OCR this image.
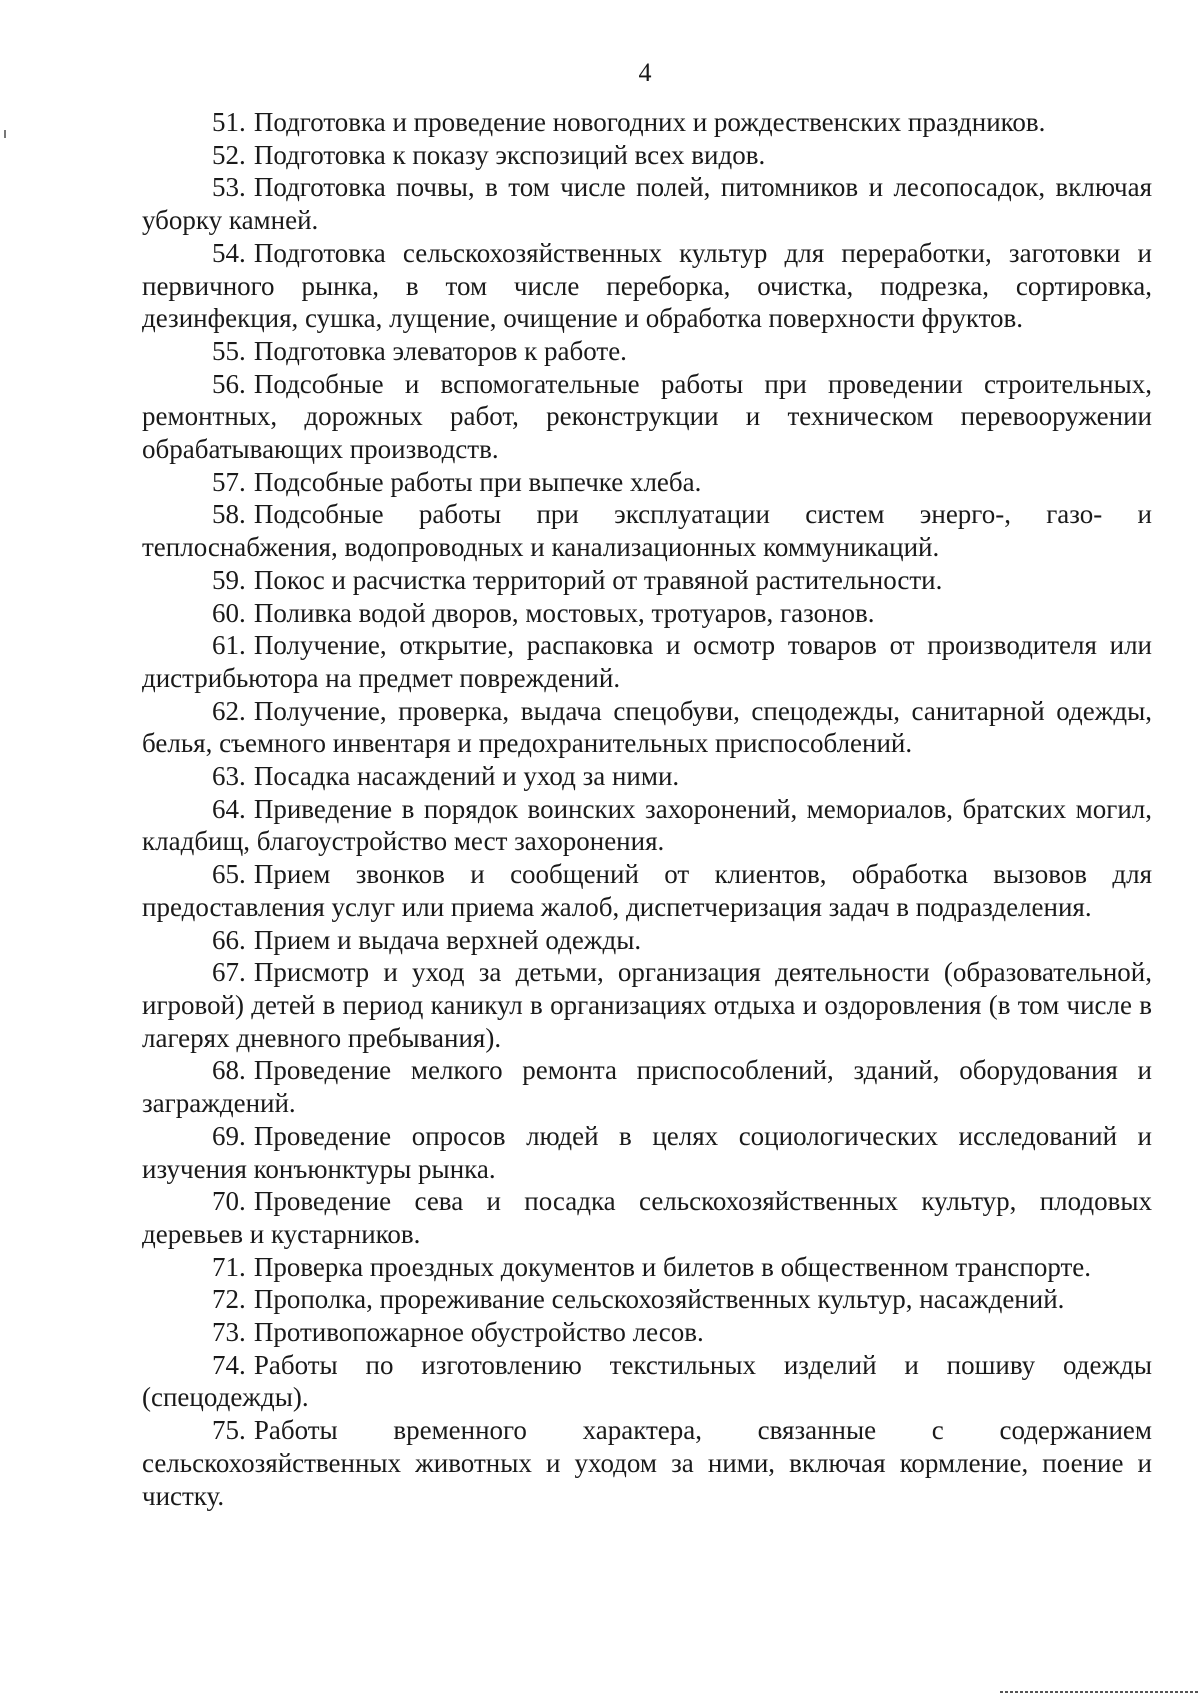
4

51. Подготовка и проведение новогодних и рождественских праздников.

52. Подготовка к показу экспозиций всех видов.

53. Подготовка почвы, в том числе полей, питомников и лесопосадок, включая уборку камней.

54. Подготовка сельскохозяйственных культур для переработки, заготовки и первичного рынка, в том числе переборка, очистка, подрезка, сортировка, дезинфекция, сушка, лущение, очищение и обработка поверхности фруктов.

55. Подготовка элеваторов к работе.

56. Подсобные и вспомогательные работы при проведении строительных, ремонтных, дорожных работ, реконструкции и техническом перевооружении обрабатывающих производств.

57. Подсобные работы при выпечке хлеба.

58. Подсобные работы при эксплуатации систем энерго-, газо- и теплоснабжения, водопроводных и канализационных коммуникаций.

59. Покос и расчистка территорий от травяной растительности.

60. Поливка водой дворов, мостовых, тротуаров, газонов.

61. Получение, открытие, распаковка и осмотр товаров от производителя или дистрибьютора на предмет повреждений.

62. Получение, проверка, выдача спецобуви, спецодежды, санитарной одежды, белья, съемного инвентаря и предохранительных приспособлений.

63. Посадка насаждений и уход за ними.

64. Приведение в порядок воинских захоронений, мемориалов, братских могил, кладбищ, благоустройство мест захоронения.

65. Прием звонков и сообщений от клиентов, обработка вызовов для предоставления услуг или приема жалоб, диспетчеризация задач в подразделения.

66. Прием и выдача верхней одежды.

67. Присмотр и уход за детьми, организация деятельности (образовательной, игровой) детей в период каникул в организациях отдыха и оздоровления (в том числе в лагерях дневного пребывания).

68. Проведение мелкого ремонта приспособлений, зданий, оборудования и заграждений.

69. Проведение опросов людей в целях социологических исследований и изучения конъюнктуры рынка.

70. Проведение сева и посадка сельскохозяйственных культур, плодовых деревьев и кустарников.

71. Проверка проездных документов и билетов в общественном транспорте.

72. Прополка, прореживание сельскохозяйственных культур, насаждений.

73. Противопожарное обустройство лесов.

74. Работы по изготовлению текстильных изделий и пошиву одежды (спецодежды).

75. Работы временного характера, связанные с содержанием сельскохозяйственных животных и уходом за ними, включая кормление, поение и чистку.
